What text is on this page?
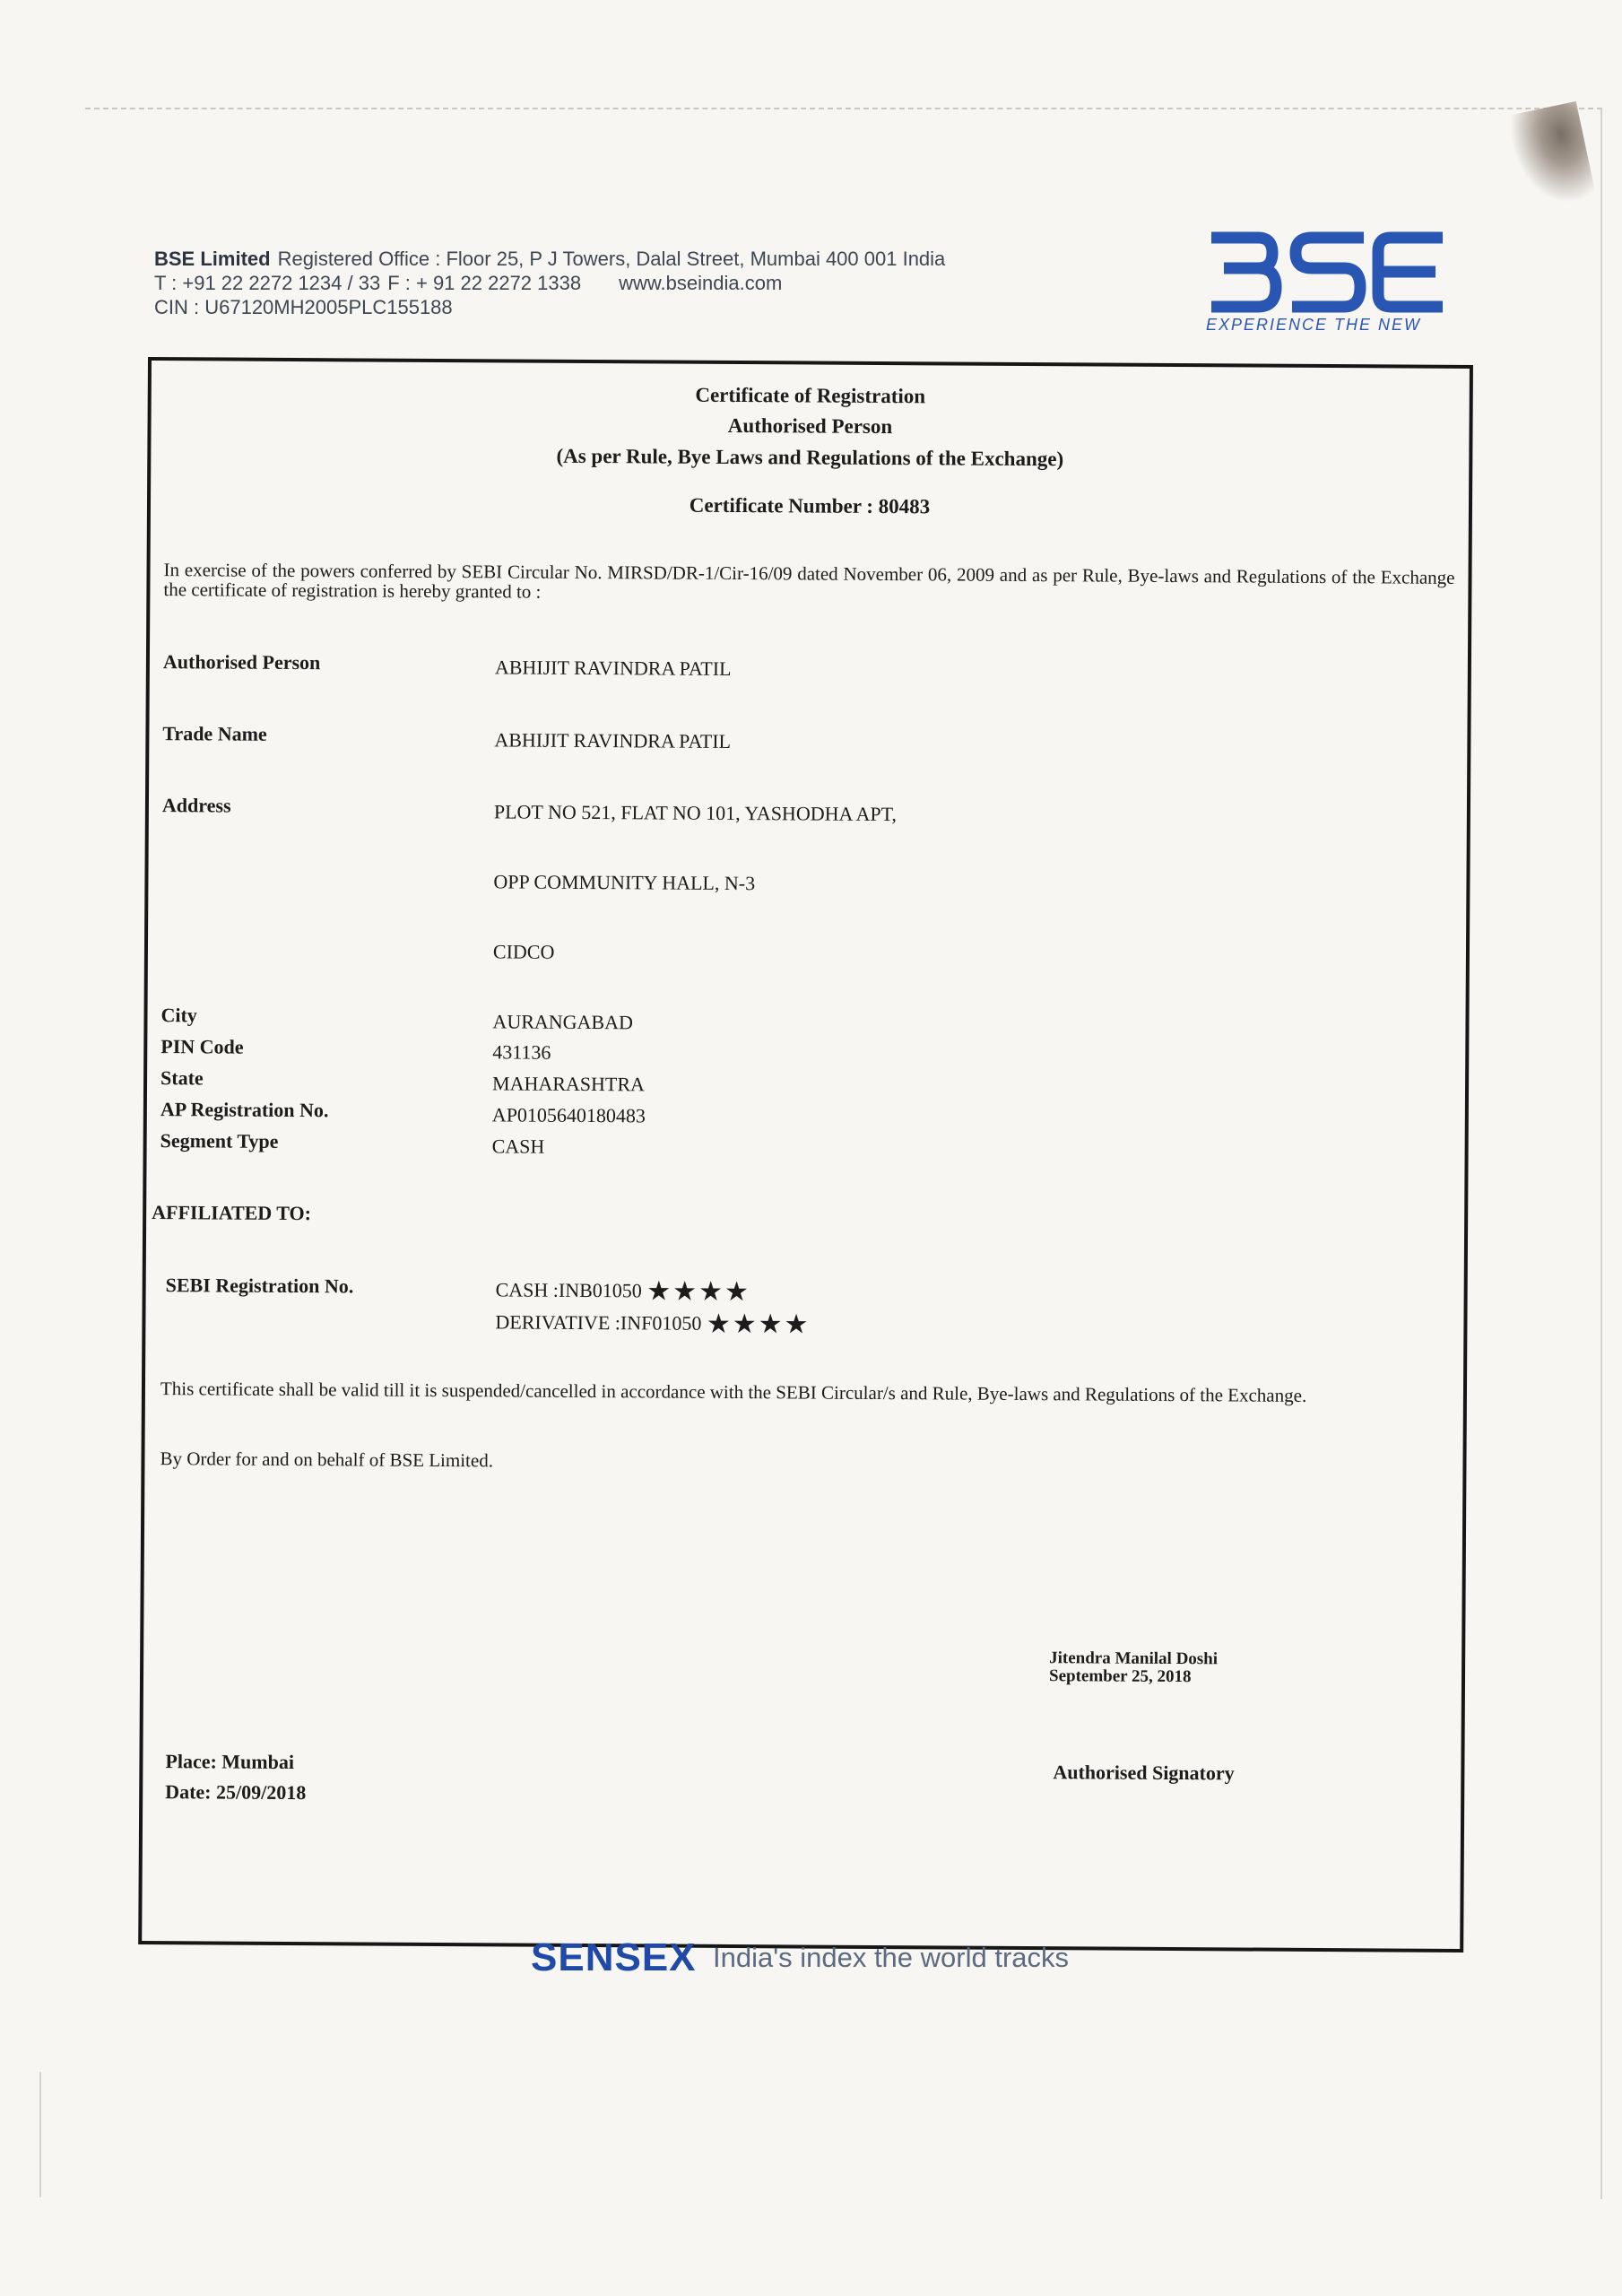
BSE Limited Registered Office : Floor 25, P J Towers, Dalal Street, Mumbai 400 001 India
T : +91 22 2272 1234 / 33 F : + 91 22 2272 1338 www.bseindia.com
CIN : U67120MH2005PLC155188
EXPERIENCE THE NEW
Certificate of Registration
Authorised Person
(As per Rule, Bye Laws and Regulations of the Exchange)
Certificate Number : 80483
In exercise of the powers conferred by SEBI Circular No. MIRSD/DR-1/Cir-16/09 dated November 06, 2009 and as per Rule, Bye-laws and Regulations of the Exchange the certificate of registration is hereby granted to :
Authorised Person	ABHIJIT RAVINDRA PATIL
Trade Name	ABHIJIT RAVINDRA PATIL
Address	PLOT NO 521, FLAT NO 101, YASHODHA APT,
OPP COMMUNITY HALL, N-3
CIDCO
City	AURANGABAD
PIN Code	431136
State	MAHARASHTRA
AP Registration No.	AP0105640180483
Segment Type	CASH
AFFILIATED TO:
SEBI Registration No.	CASH :INB01050 ★★★★
DERIVATIVE :INF01050 ★★★★
This certificate shall be valid till it is suspended/cancelled in accordance with the SEBI Circular/s and Rule, Bye-laws and Regulations of the Exchange.
By Order for and on behalf of BSE Limited.
Jitendra Manilal Doshi
September 25, 2018
Place: Mumbai
Date: 25/09/2018
Authorised Signatory
SENSEX India's index the world tracks
